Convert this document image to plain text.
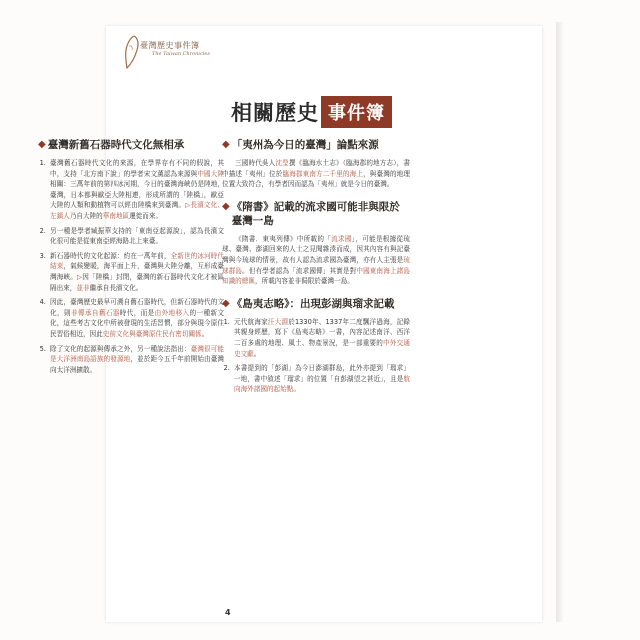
臺灣歷史事件簿
The Taiwan Chronicles
相關歷史 事件簿
4
◆ 臺灣新舊石器時代文化無相承
1. 臺灣舊石器時代文化的來源，在學界存有不同的假說，其中，支持「北方南下說」的學者宋文薰認為來源與中國大陸相關：三萬年前的第四冰河期，今日的臺灣海峽仍是陸地，臺灣，日本都與歐亞大陸相連，形成所謂的「陸橋」，歐亞大陸的人類和動植物可以經由陸橋來到臺灣。▷長濱文化、左鎮人乃自大陸的華南地區遷徙而來。
2. 另一種是學者臧振華支持的「東南亞起源說」，認為長濱文化很可能是從東南亞經海路北上來臺。
3. 新石器時代的文化起源：約在一萬年前，全新世的冰河時代結束，氣候變暖，海平面上升，臺灣與大陸分離，互形成臺灣海峽。▷因「陸橋」封閉，臺灣的新石器時代文化才被區隔出來，並非繼承自長濱文化。
4. 因此，臺灣歷史最早可溯自舊石器時代，但新石器時代的文化，則非傳承自舊石器時代，而是由外地移入的一種新文化，這些考古文化中所被發現的生活習慣，部分與現今原住民習俗相近，因此史前文化與臺灣原住民有密切關係。
5. 除了文化的起源與傳承之外，另一種說法指出：臺灣很可能是大洋洲南島語族的發源地，並於距今五千年前開始由臺灣向太洋洲擴散。
◆ 「夷州為今日的臺灣」論點來源

三國時代吳人沈瑩撰《臨海水土志》（臨海郡的地方志），書中描述「夷州」位於臨海郡東南方二千里的海上，與臺灣的地理位置大致符合，有學者因而認為「夷州」就是今日的臺灣。

◆ 《隋書》記載的流求國可能非與限於臺灣一島

《隋書．東夷列傳》中所載的「流求國」，可能是根據從琉球、臺灣、澎湖回來的人士之見聞雜湊而成，因其內容有與記臺灣與今琉球的情景，故有人認為流求國為臺灣，亦有人主張是琉球群島。但有學者認為「流求國傳」其實是對中國東南海上諸島知識的總匯，所載內容並非侷限於臺灣一島。

◆ 《島夷志略》：出現彭湖與瑠求記載
1. 元代航海家汪大淵於1330年、1337年二度飄洋過海，記錄其親身經歷，寫下《島夷志略》一書，內容記述南洋、西洋二百多處的地理、風土、物產景況，是一部重要的中外交通史文獻。
2. 本書提到的「彭湖」為今日澎湖群島，此外亦提到「瑠求」一地，書中敘述「瑠求」的位置「自彭湖望之甚近」，且是航向海外諸國的起始點。
